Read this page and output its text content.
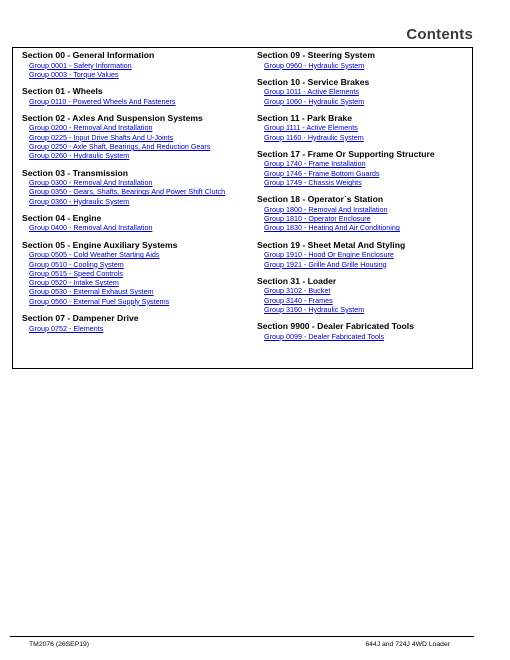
Contents
Section 00 - General Information
Group 0001 - Safety Information
Group 0003 - Torque Values
Section 01 - Wheels
Group 0110 - Powered Wheels And Fasteners
Section 02 - Axles And Suspension Systems
Group 0200 - Removal And Installation
Group 0225 - Input Drive Shafts And U-Joints
Group 0250 - Axle Shaft, Bearings, And Reduction Gears
Group 0260 - Hydraulic System
Section 03 - Transmission
Group 0300 - Removal And Installation
Group 0350 - Gears, Shafts, Bearings And Power Shift Clutch
Group 0360 - Hydraulic System
Section 04 - Engine
Group 0400 - Removal And Installation
Section 05 - Engine Auxiliary Systems
Group 0505 - Cold Weather Starting Aids
Group 0510 - Cooling System
Group 0515 - Speed Controls
Group 0520 - Intake System
Group 0530 - External Exhaust System
Group 0560 - External Fuel Supply Systems
Section 07 - Dampener Drive
Group 0752 - Elements
Section 09 - Steering System
Group 0960 - Hydraulic System
Section 10 - Service Brakes
Group 1011 - Active Elements
Group 1060 - Hydraulic System
Section 11 - Park Brake
Group 1111 - Active Elements
Group 1160 - Hydraulic System
Section 17 - Frame Or Supporting Structure
Group 1740 - Frame Installation
Group 1746 - Frame Bottom Guards
Group 1749 - Chassis Weights
Section 18 - Operator`s Station
Group 1800 - Removal And Installation
Group 1810 - Operator Enclosure
Group 1830 - Heating And Air Conditioning
Section 19 - Sheet Metal And Styling
Group 1910 - Hood Or Engine Enclosure
Group 1921 - Grille And Grille Housing
Section 31 - Loader
Group 3102 - Bucket
Group 3140 - Frames
Group 3160 - Hydraulic System
Section 9900 - Dealer Fabricated Tools
Group 0099 - Dealer Fabricated Tools
TM2076 (26SEP19)	644J and 724J 4WD Loader
